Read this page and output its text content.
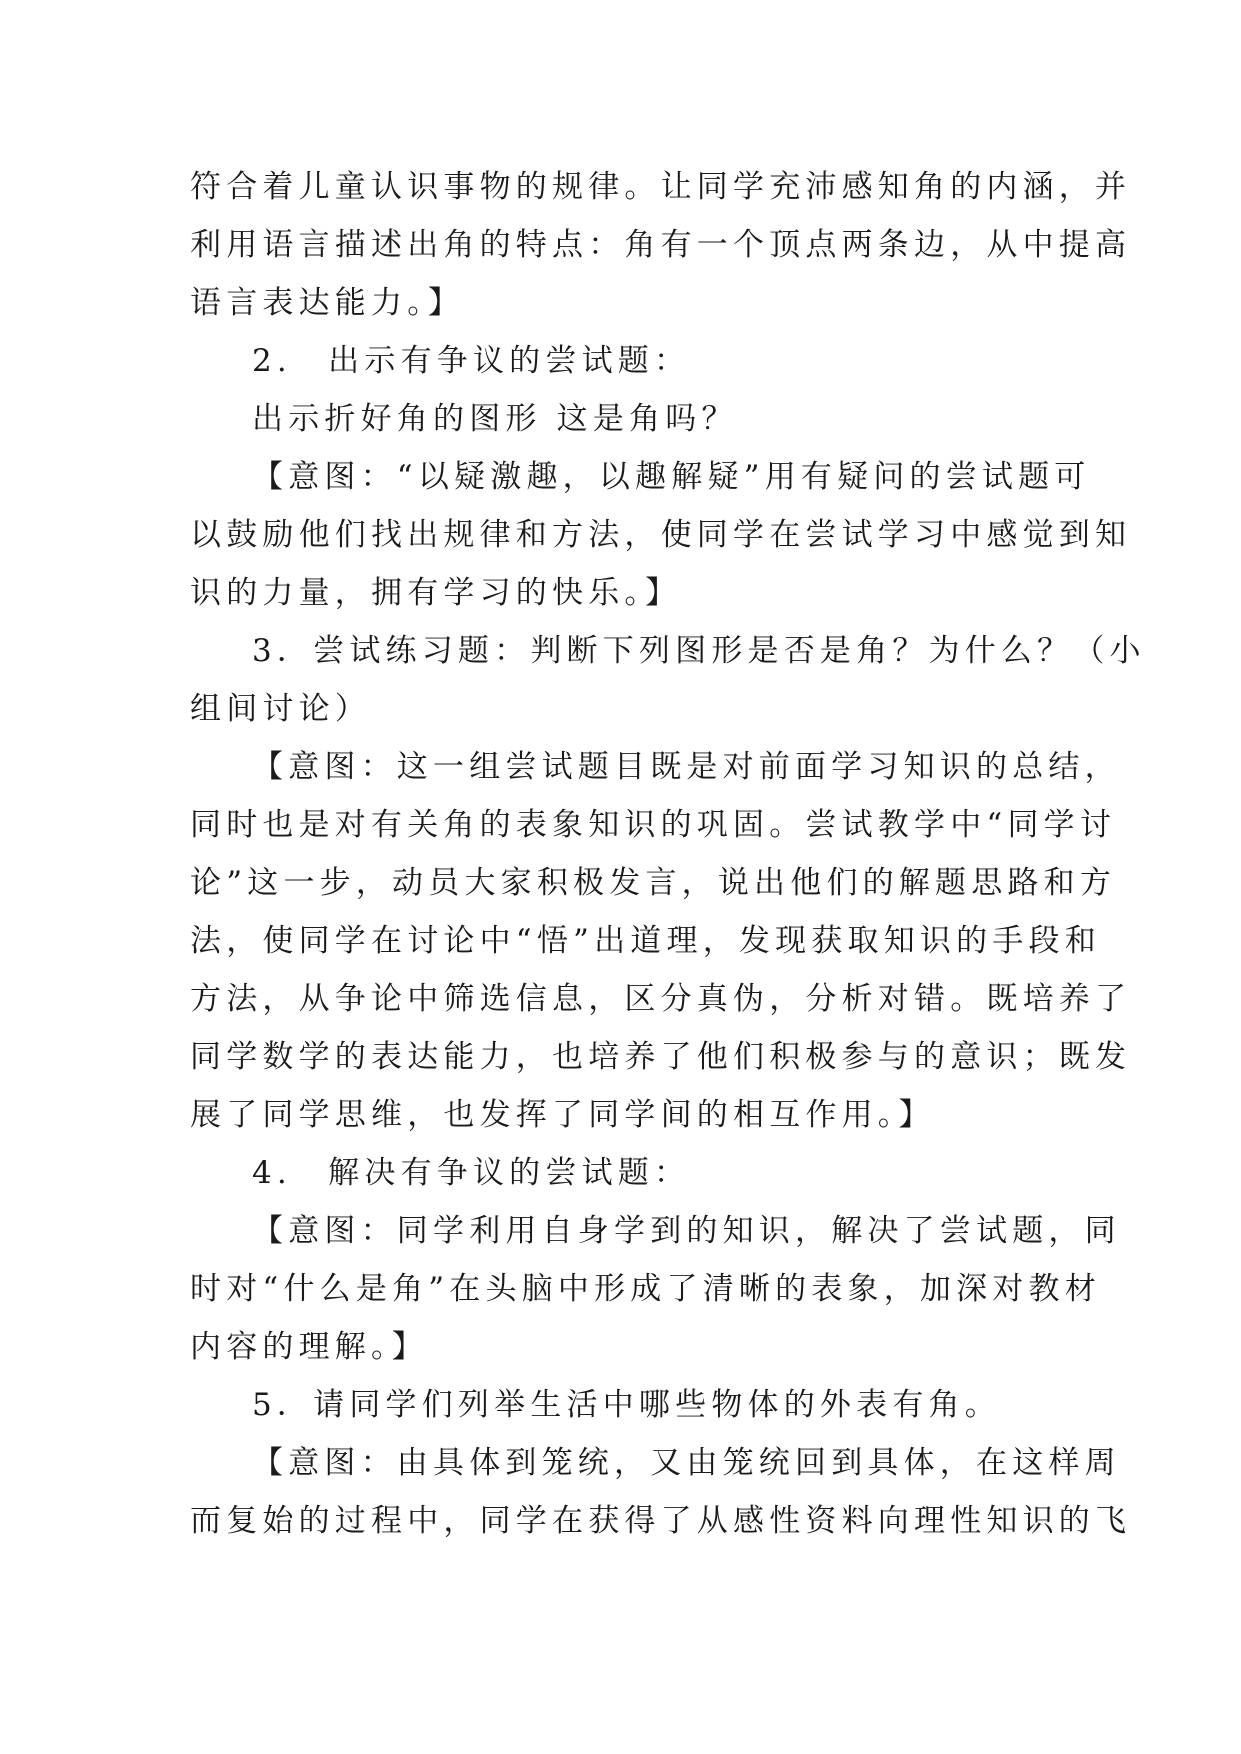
符合着儿童认识事物的规律。让同学充沛感知角的内涵，并
利用语言描述出角的特点：角有一个顶点两条边，从中提高
语言表达能力。】
2.　出示有争议的尝试题：
出示折好角的图形 这是角吗？
【意图：“以疑激趣，以趣解疑”用有疑问的尝试题可
以鼓励他们找出规律和方法，使同学在尝试学习中感觉到知
识的力量，拥有学习的快乐。】
3．尝试练习题：判断下列图形是否是角？为什么？（小
组间讨论）
【意图：这一组尝试题目既是对前面学习知识的总结，
同时也是对有关角的表象知识的巩固。尝试教学中“同学讨
论”这一步，动员大家积极发言，说出他们的解题思路和方
法，使同学在讨论中“悟”出道理，发现获取知识的手段和
方法，从争论中筛选信息，区分真伪，分析对错。既培养了
同学数学的表达能力，也培养了他们积极参与的意识；既发
展了同学思维，也发挥了同学间的相互作用。】
4.　解决有争议的尝试题：
【意图：同学利用自身学到的知识，解决了尝试题，同
时对“什么是角”在头脑中形成了清晰的表象，加深对教材
内容的理解。】
5．请同学们列举生活中哪些物体的外表有角。
【意图：由具体到笼统，又由笼统回到具体，在这样周
而复始的过程中，同学在获得了从感性资料向理性知识的飞
